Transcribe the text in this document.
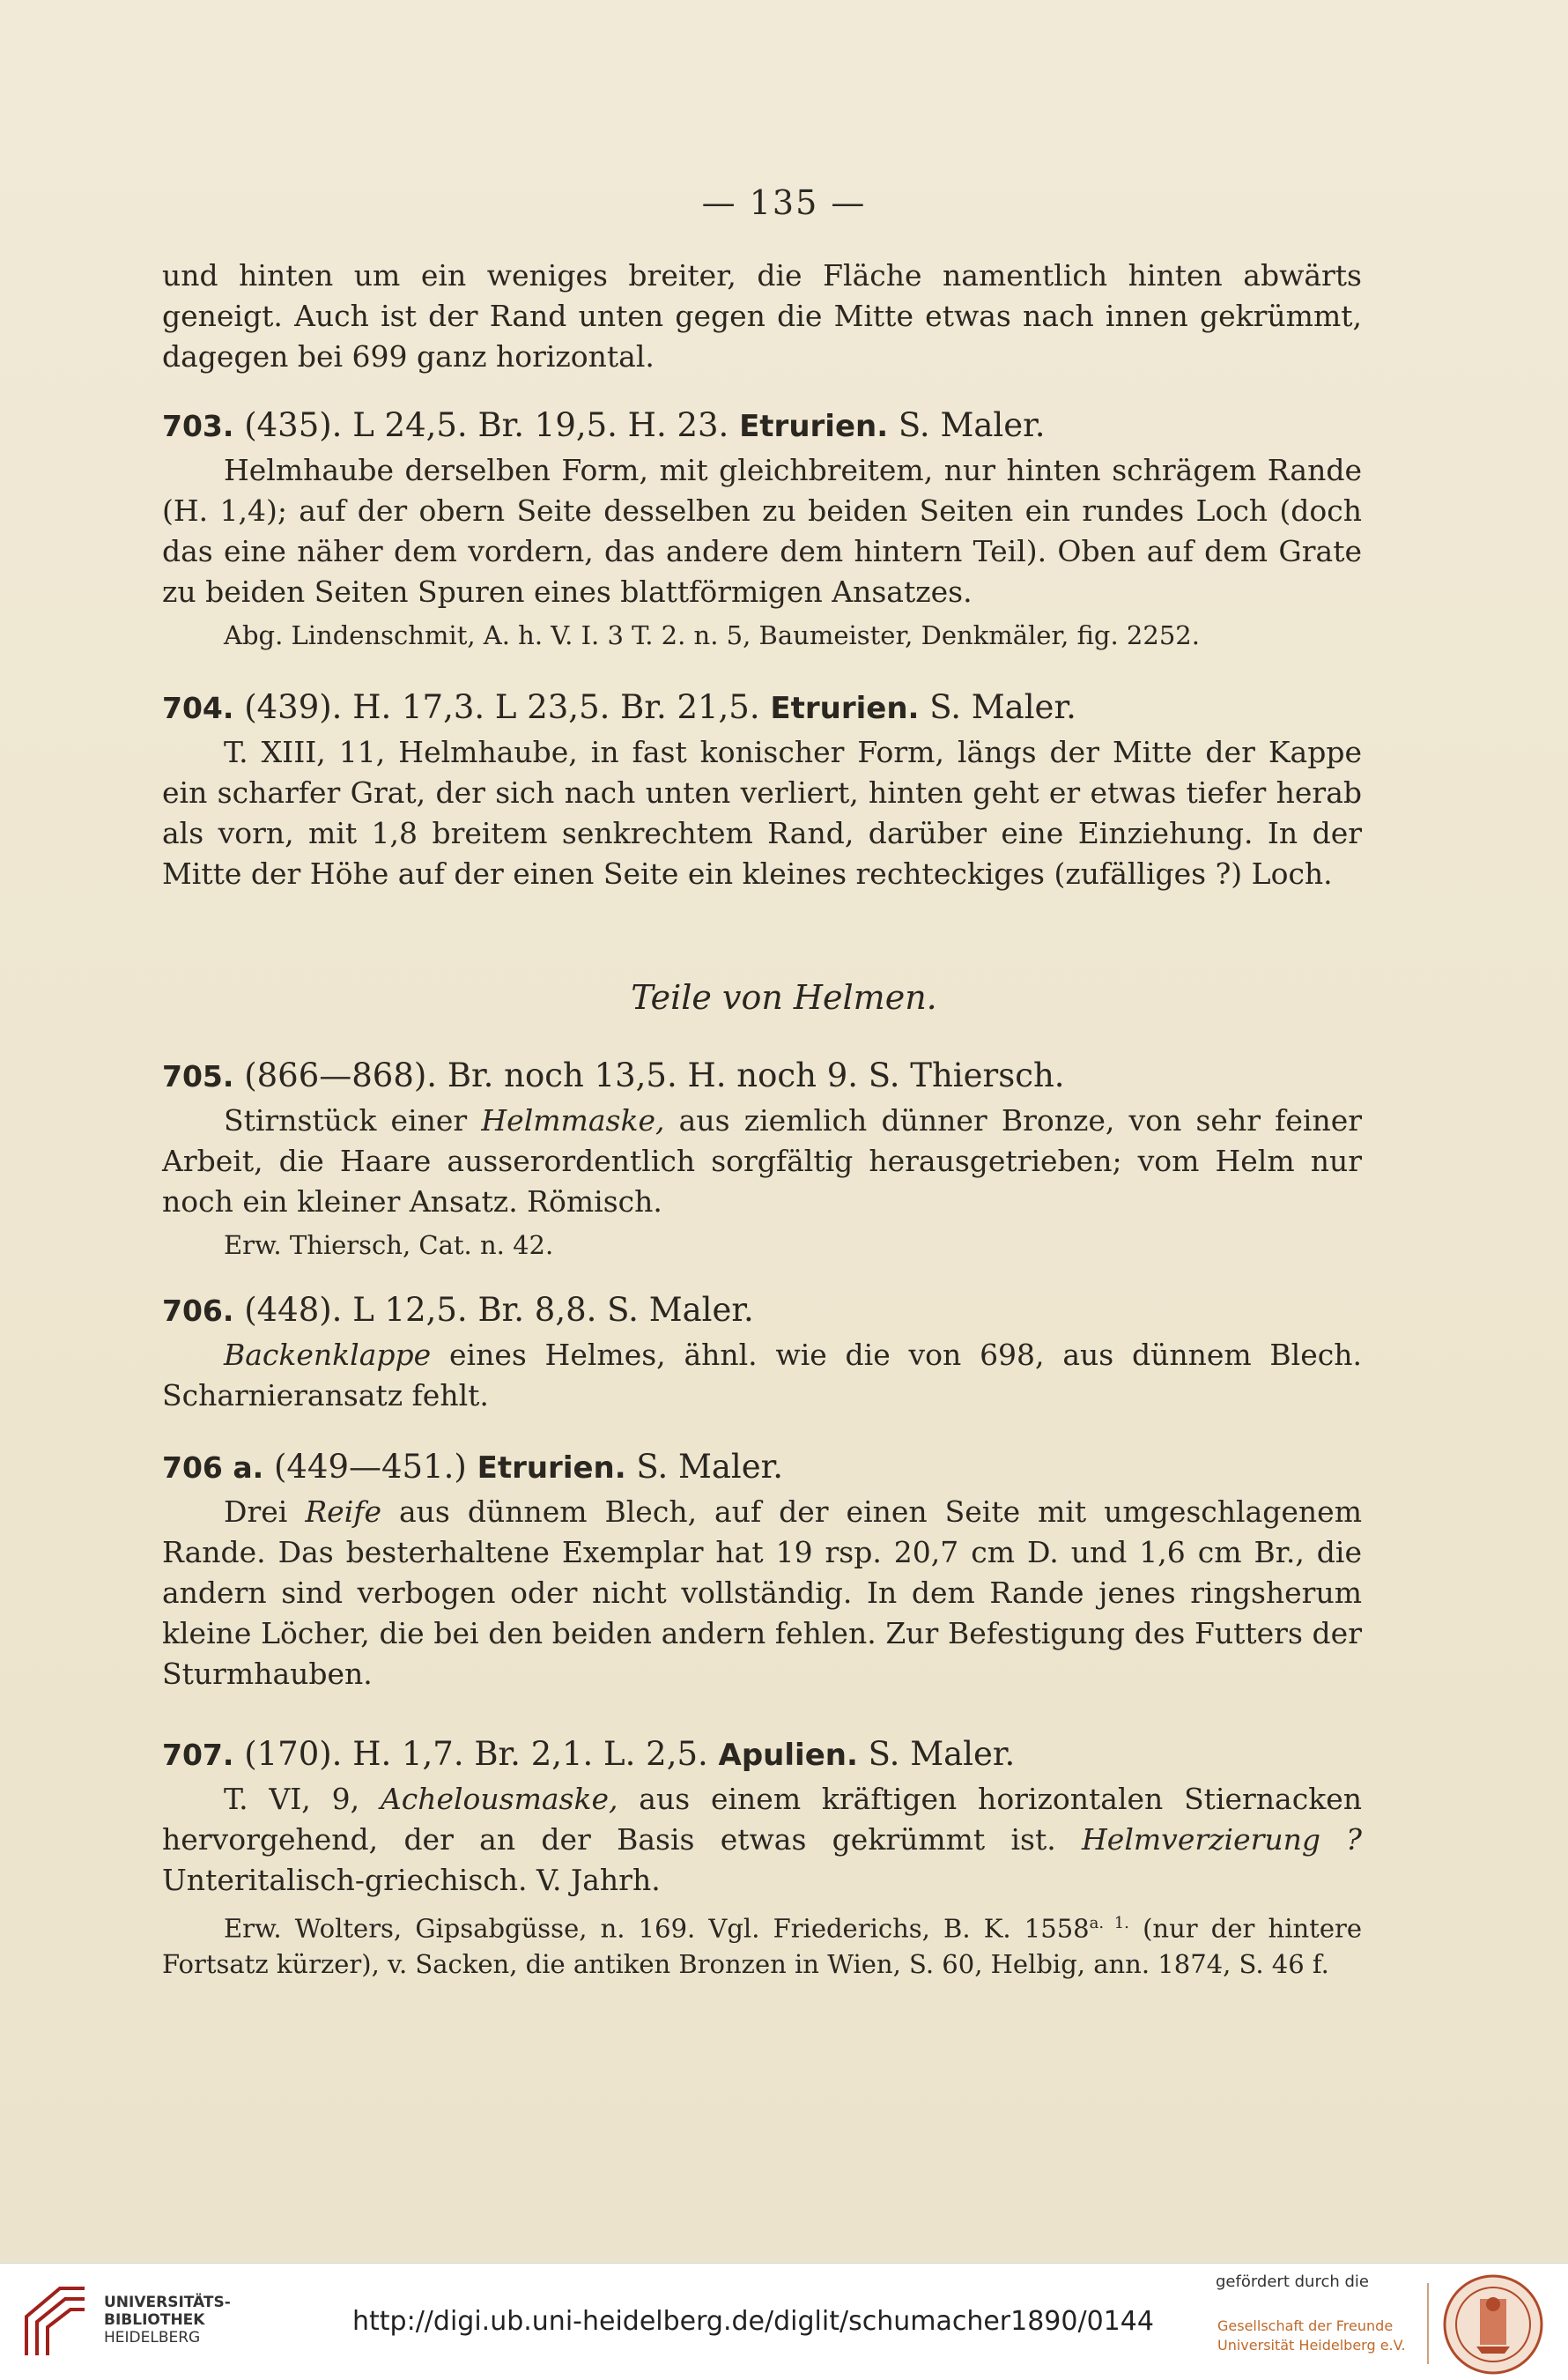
— 135 —

und hinten um ein weniges breiter, die Fläche namentlich hinten abwärts geneigt. Auch ist der Rand unten gegen die Mitte etwas nach innen gekrümmt, dagegen bei 699 ganz horizontal.

703. (435). L 24,5. Br. 19,5. H. 23. Etrurien. S. Maler.

Helmhaube derselben Form, mit gleichbreitem, nur hinten schrägem Rande (H. 1,4); auf der obern Seite desselben zu beiden Seiten ein rundes Loch (doch das eine näher dem vordern, das andere dem hintern Teil). Oben auf dem Grate zu beiden Seiten Spuren eines blattförmigen Ansatzes.

Abg. Lindenschmit, A. h. V. I. 3 T. 2. n. 5, Baumeister, Denkmäler, fig. 2252.

704. (439). H. 17,3. L 23,5. Br. 21,5. Etrurien. S. Maler.

T. XIII, 11, Helmhaube, in fast konischer Form, längs der Mitte der Kappe ein scharfer Grat, der sich nach unten verliert, hinten geht er etwas tiefer herab als vorn, mit 1,8 breitem senkrechtem Rand, darüber eine Einziehung. In der Mitte der Höhe auf der einen Seite ein kleines rechteckiges (zufälliges ?) Loch.

Teile von Helmen.

705. (866—868). Br. noch 13,5. H. noch 9. S. Thiersch.

Stirnstück einer Helmmaske, aus ziemlich dünner Bronze, von sehr feiner Arbeit, die Haare ausserordentlich sorgfältig herausgetrieben; vom Helm nur noch ein kleiner Ansatz. Römisch.

Erw. Thiersch, Cat. n. 42.

706. (448). L 12,5. Br. 8,8. S. Maler.

Backenklappe eines Helmes, ähnl. wie die von 698, aus dünnem Blech. Scharnieransatz fehlt.

706 a. (449—451.) Etrurien. S. Maler.

Drei Reife aus dünnem Blech, auf der einen Seite mit umgeschlagenem Rande. Das besterhaltene Exemplar hat 19 rsp. 20,7 cm D. und 1,6 cm Br., die andern sind verbogen oder nicht vollständig. In dem Rande jenes ringsherum kleine Löcher, die bei den beiden andern fehlen. Zur Befestigung des Futters der Sturmhauben.

707. (170). H. 1,7. Br. 2,1. L. 2,5. Apulien. S. Maler.

T. VI, 9, Achelousmaske, aus einem kräftigen horizontalen Stiernacken hervorgehend, der an der Basis etwas gekrümmt ist. Helmverzierung ? Unteritalisch-griechisch. V. Jahrh.

Erw. Wolters, Gipsabgüsse, n. 169. Vgl. Friederichs, B. K. $1558^{a. 1.}$ (nur der hintere Fortsatz kürzer), v. Sacken, die antiken Bronzen in Wien, S. 60, Helbig, ann. 1874, S. 46 f.

UNIVERSITÄTS-
BIBLIOTHEK
HEIDELBERG
http://digi.ub.uni-heidelberg.de/diglit/schumacher1890/0144
gefördert durch die
Gesellschaft der Freunde
Universität Heidelberg e.V.
